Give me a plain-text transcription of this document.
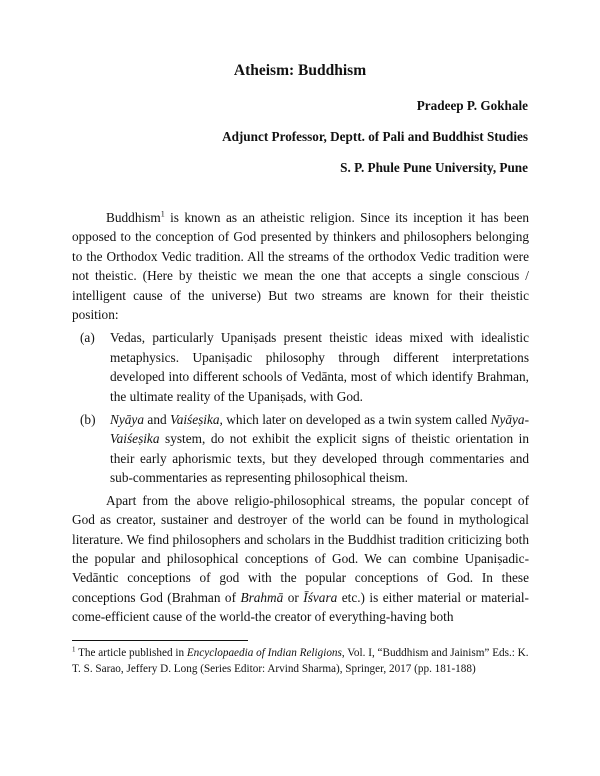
Atheism: Buddhism
Pradeep P. Gokhale
Adjunct Professor, Deptt. of Pali and Buddhist Studies
S. P. Phule Pune University, Pune

Buddhism$^1$ is known as an atheistic religion. Since its inception it has been opposed to the conception of God presented by thinkers and philosophers belonging to the Orthodox Vedic tradition. All the streams of the orthodox Vedic tradition were not theistic. (Here by theistic we mean the one that accepts a single conscious / intelligent cause of the universe) But two streams are known for their theistic position:

(a) Vedas, particularly Upaniṣads present theistic ideas mixed with idealistic metaphysics. Upaniṣadic philosophy through different interpretations developed into different schools of Vedānta, most of which identify Brahman, the ultimate reality of the Upaniṣads, with God.

(b) Nyāya and Vaiśeṣika, which later on developed as a twin system called Nyāya-Vaiśeṣika system, do not exhibit the explicit signs of theistic orientation in their early aphorismic texts, but they developed through commentaries and sub-commentaries as representing philosophical theism.

Apart from the above religio-philosophical streams, the popular concept of God as creator, sustainer and destroyer of the world can be found in mythological literature. We find philosophers and scholars in the Buddhist tradition criticizing both the popular and philosophical conceptions of God. We can combine Upaniṣadic-Vedāntic conceptions of god with the popular conceptions of God. In these conceptions God (Brahman of Brahmā or Īśvara etc.) is either material or material-come-efficient cause of the world-the creator of everything-having both

$^1$ The article published in Encyclopaedia of Indian Religions, Vol. I, “Buddhism and Jainism” Eds.: K. T. S. Sarao, Jeffery D. Long (Series Editor: Arvind Sharma), Springer, 2017 (pp. 181-188)
